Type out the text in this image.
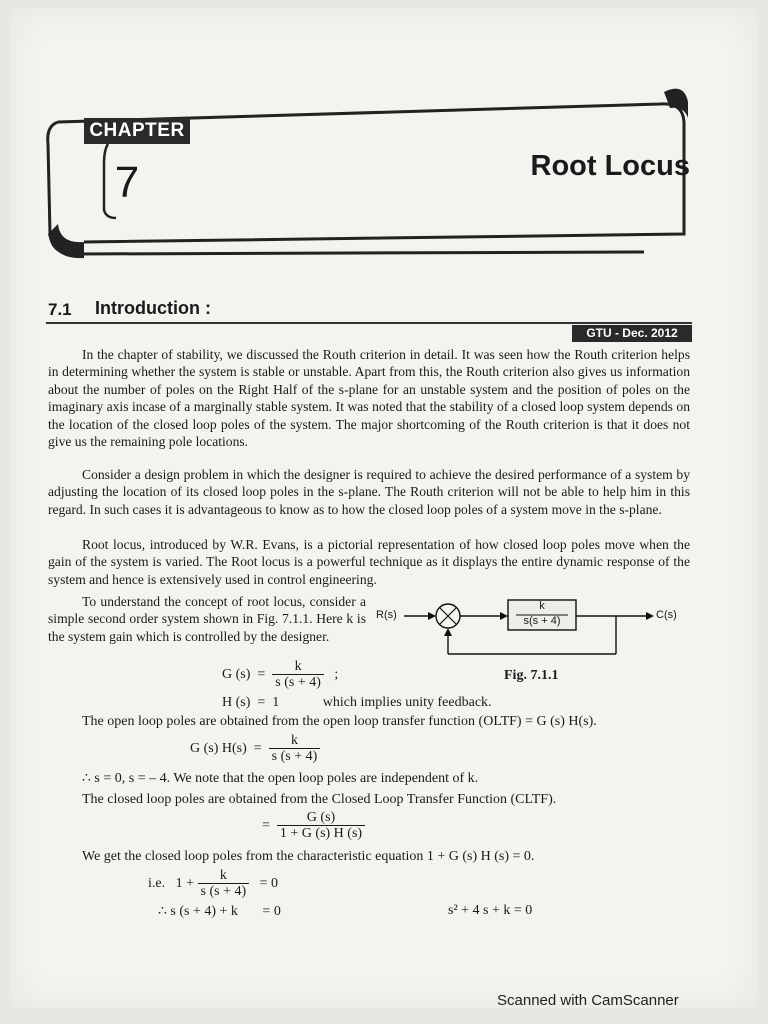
CHAPTER
7	Root Locus
7.1 Introduction :
GTU - Dec. 2012

In the chapter of stability, we discussed the Routh criterion in detail. It was seen how the Routh criterion helps in determining whether the system is stable or unstable. Apart from this, the Routh criterion also gives us information about the number of poles on the Right Half of the s-plane for an unstable system and the position of poles on the imaginary axis incase of a marginally stable system. It was noted that the stability of a closed loop system depends on the location of the closed loop poles of the system. The major shortcoming of the Routh criterion is that it does not give us the remaining pole locations.

Consider a design problem in which the designer is required to achieve the desired performance of a system by adjusting the location of its closed loop poles in the s-plane. The Routh criterion will not be able to help him in this regard. In such cases it is advantageous to know as to how the closed loop poles of a system move in the s-plane.

Root locus, introduced by W.R. Evans, is a pictorial representation of how closed loop poles move when the gain of the system is varied. The Root locus is a powerful technique as it displays the entire dynamic response of the system and hence is extensively used in control engineering.

To understand the concept of root locus, consider a simple second order system shown in Fig. 7.1.1. Here k is the system gain which is controlled by the designer.

R(s)	C(s)
k
s(s + 4)
Fig. 7.1.1
G $(s) = \frac{k}{s (s + 4)}$ ;
H (s)  =  1	which implies unity feedback.
The open loop poles are obtained from the open loop transfer function (OLTF) = G (s) H(s).
G (s) $H(s) = \frac{k}{s (s + 4)}$
∴ s = 0, s = – 4. We note that the open loop poles are independent of k.
The closed loop poles are obtained from the Closed Loop Transfer Function (CLTF).
= $\frac{G (s)}{1 + G (s) H (s)}$
We get the closed loop poles from the characteristic equation 1 + G (s) H (s) = 0.
i.e. $1 + \frac{k}{s (s + 4)} = 0$
∴ s (s + 4) + k = 0	s² + 4 s + k = 0
Scanned with CamScanner
